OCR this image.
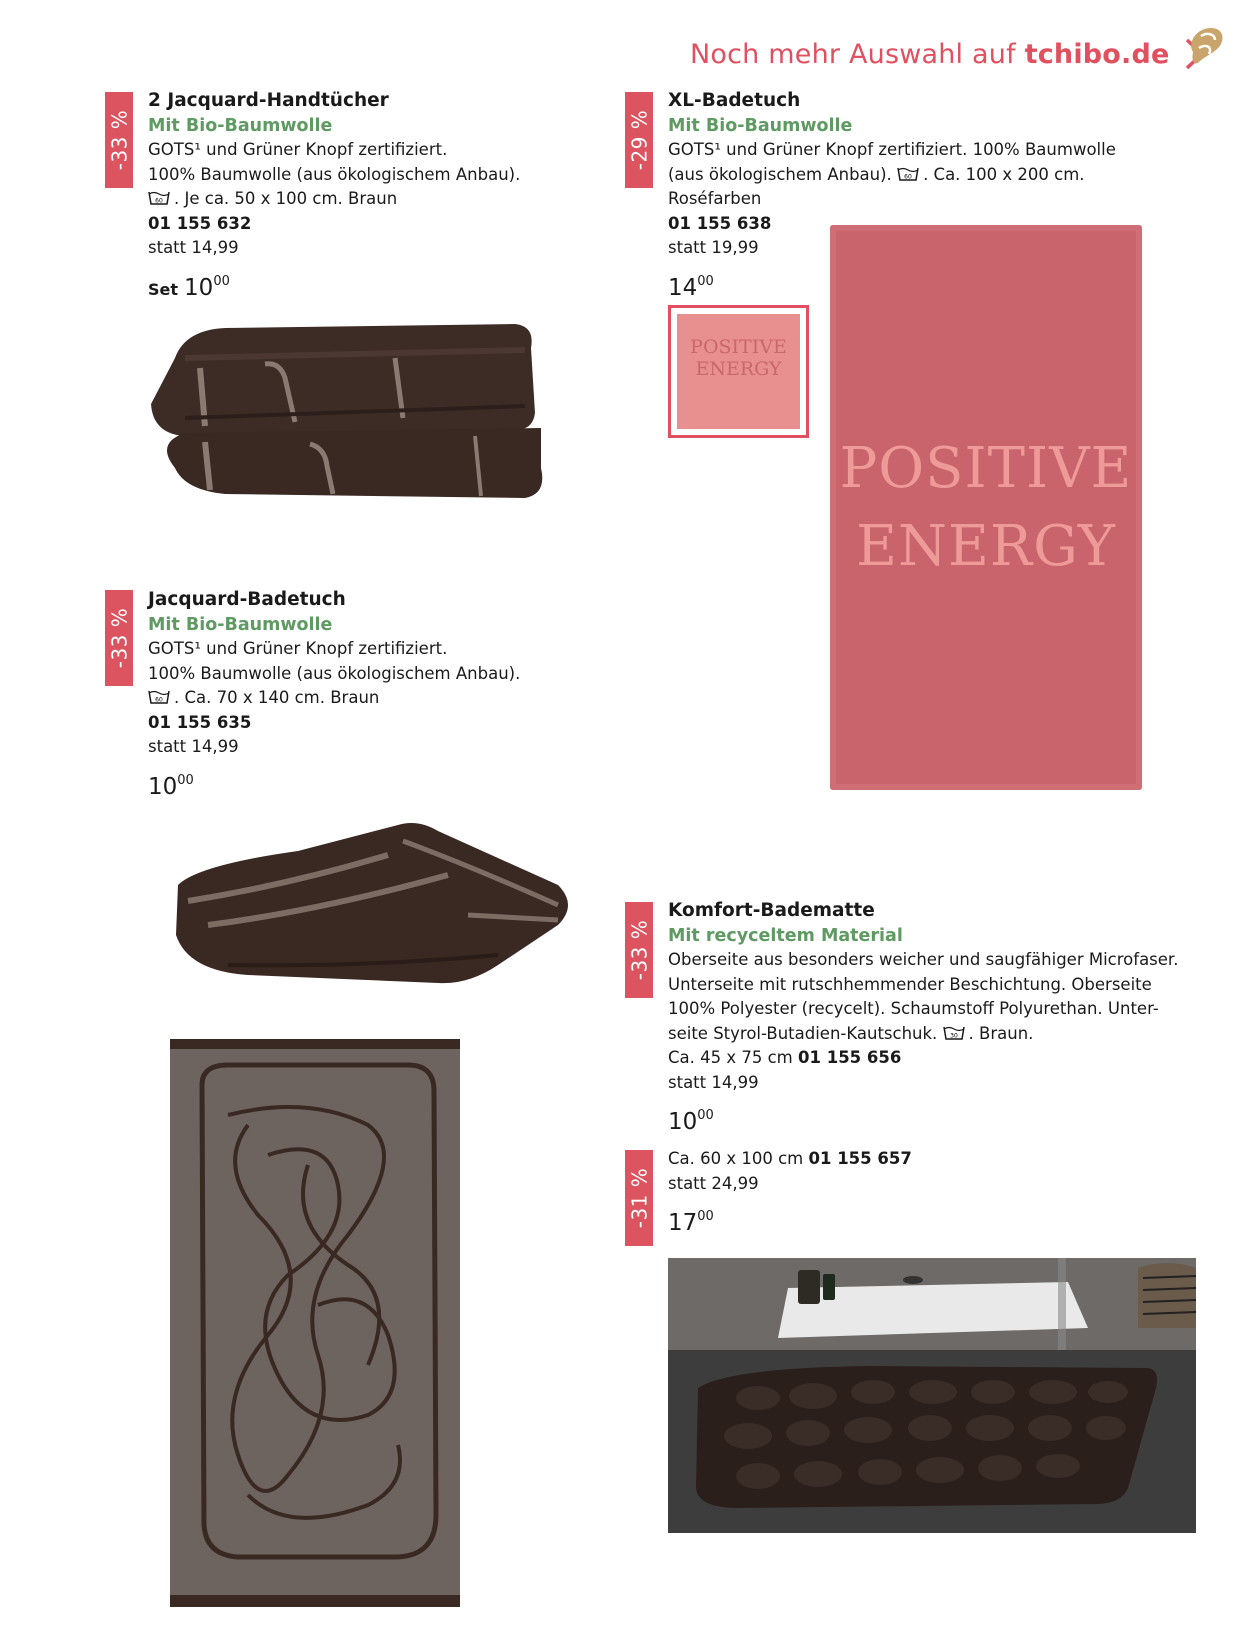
Noch mehr Auswahl auf tchibo.de
-33 %
2 Jacquard-Handtücher
Mit Bio-Baumwolle
GOTS¹ und Grüner Knopf zertifiziert.
100% Baumwolle (aus ökologischem Anbau).
60 . Je ca. 50 x 100 cm. Braun
01 155 632
statt 14,99
Set $10^{00}$
-33 %
Jacquard-Badetuch
Mit Bio-Baumwolle
GOTS¹ und Grüner Knopf zertifiziert.
100% Baumwolle (aus ökologischem Anbau).
60 . Ca. 70 x 140 cm. Braun
01 155 635
statt 14,99
$10^{00}$
-29 %
XL-Badetuch
Mit Bio-Baumwolle
GOTS¹ und Grüner Knopf zertifiziert. 100% Baumwolle
(aus ökologischem Anbau). 60 . Ca. 100 x 200 cm.
Roséfarben
01 155 638
statt 19,99
$14^{00}$
POSITIVE
ENERGY
POSITIVE
ENERGY
-33 %
Komfort-Badematte
Mit recyceltem Material
Oberseite aus besonders weicher und saugfähiger Microfaser.
Unterseite mit rutschhemmender Beschichtung. Oberseite
100% Polyester (recycelt). Schaumstoff Polyurethan. Unter-
seite Styrol-Butadien-Kautschuk. 30 . Braun.
Ca. 45 x 75 cm 01 155 656
statt 14,99
$10^{00}$
-31 %
Ca. 60 x 100 cm 01 155 657
statt 24,99
$17^{00}$
